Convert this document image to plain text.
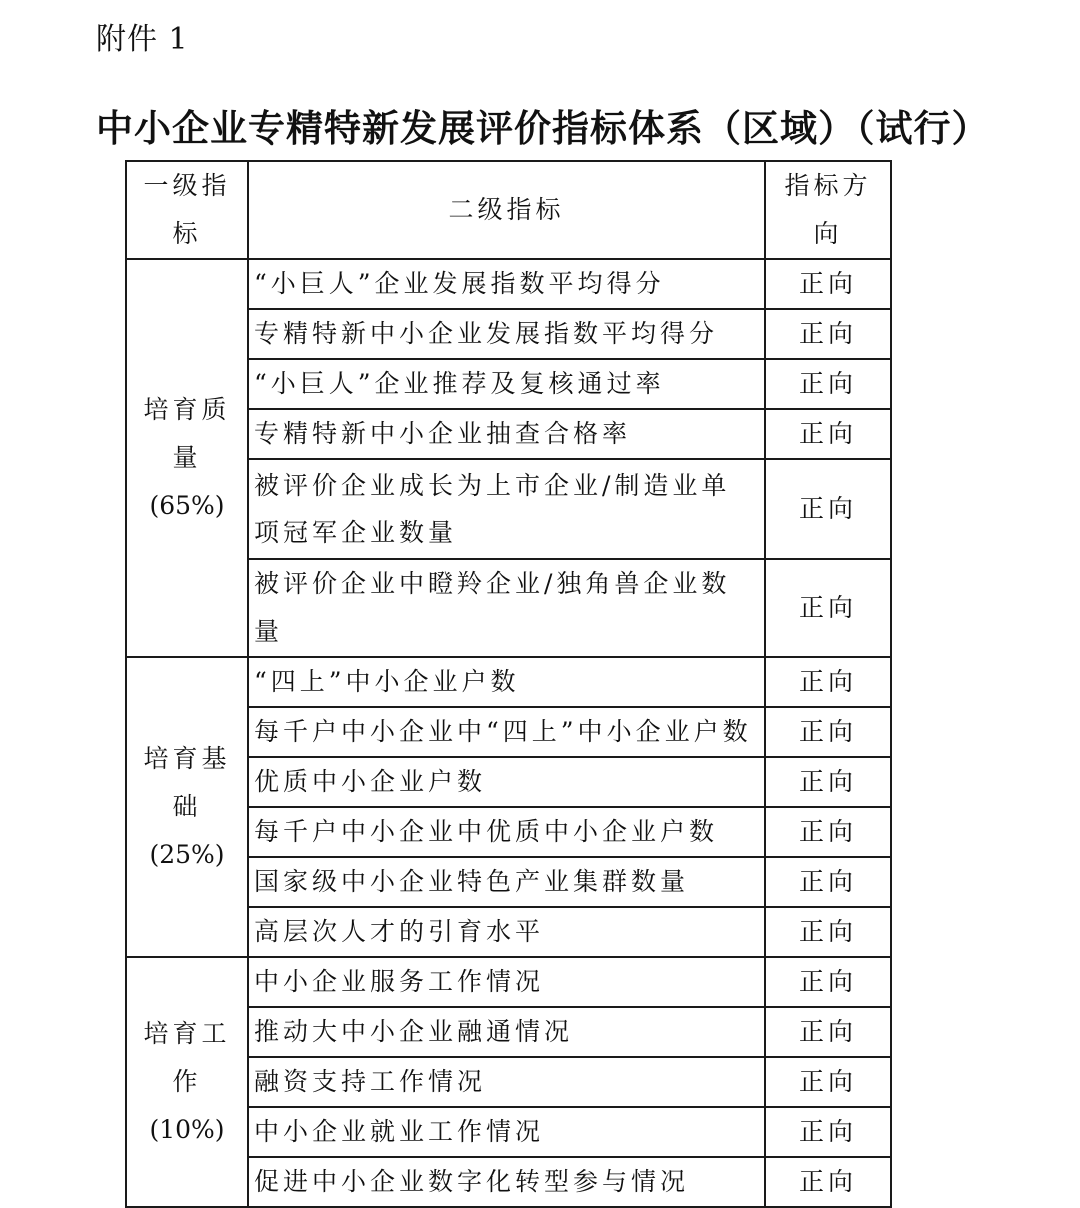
附件 1
中小企业专精特新发展评价指标体系（区域）（试行）
一级指标	二级指标	指标方向
培育质量
(65%)	“小巨人”企业发展指数平均得分	正向
	专精特新中小企业发展指数平均得分	正向
	“小巨人”企业推荐及复核通过率	正向
	专精特新中小企业抽查合格率	正向
	被评价企业成长为上市企业/制造业单项冠军企业数量	正向
	被评价企业中瞪羚企业/独角兽企业数量	正向
培育基础
(25%)	“四上”中小企业户数	正向
	每千户中小企业中“四上”中小企业户数	正向
	优质中小企业户数	正向
	每千户中小企业中优质中小企业户数	正向
	国家级中小企业特色产业集群数量	正向
	高层次人才的引育水平	正向
培育工作
(10%)	中小企业服务工作情况	正向
	推动大中小企业融通情况	正向
	融资支持工作情况	正向
	中小企业就业工作情况	正向
	促进中小企业数字化转型参与情况	正向
